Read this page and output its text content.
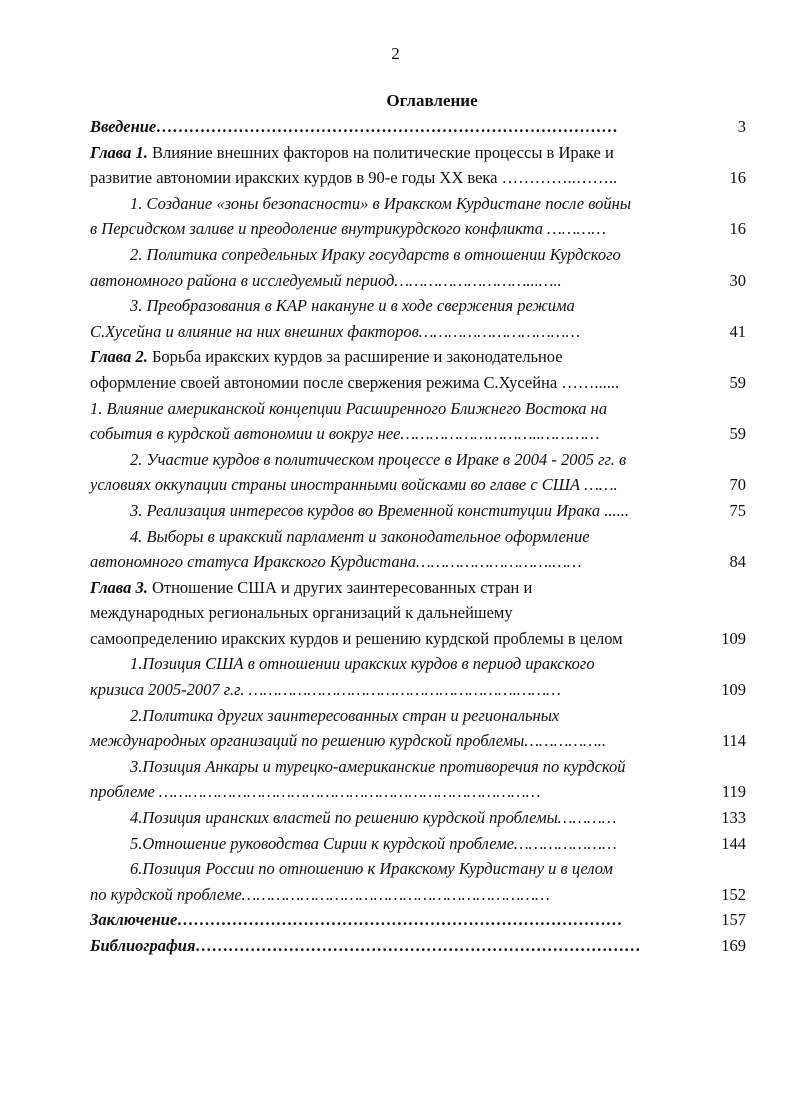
2
Оглавление
Введение…………………………………………………………………………	3
Глава 1. Влияние внешних факторов на политические процессы в Ираке и
развитие автономии иракских курдов в 90-е годы XX века …………..……..	16
1. Создание «зоны безопасности» в Иракском Курдистане после войны
в Персидском заливе и преодоление внутрикурдского конфликта …………	16
2. Политика сопредельных Ираку государств в отношении Курдского
автономного района в исследуемый период………………………...…..	30
3. Преобразования в КАР накануне и в ходе свержения режима
С.Хусейна и влияние на них внешних факторов……………………………	41
Глава 2. Борьба иракских курдов за расширение и законодательное
оформление своей автономии после свержения режима С.Хусейна ……......	59
1. Влияние американской концепции Расширенного Ближнего Востока на
события в курдской автономии и вокруг нее………………………..…………	59
2. Участие курдов в политическом процессе в Ираке в 2004 - 2005 гг. в
условиях оккупации страны иностранными войсками во главе с США …….	70
3. Реализация интересов курдов во Временной конституции Ирака ......	75
4. Выборы в иракский парламент и законодательное оформление
автономного статуса Иракского Курдистана……………………….……	84
Глава 3. Отношение США и других заинтересованных стран и
международных региональных организаций к дальнейшему
самоопределению иракских курдов и решению курдской проблемы в целом	109
1.Позиция США в отношении иракских курдов в период иракского
кризиса 2005-2007 г.г. ……………………………………………….………	109
2.Политика других заинтересованных стран и региональных
международных организаций по решению курдской проблемы……………..	114
3.Позиция Анкары и турецко-американские противоречия по курдской
проблеме ……………………………………………………………………	119
4.Позиция иранских властей по решению курдской проблемы…………	133
5.Отношение руководства Сирии к курдской проблеме…………………	144
6.Позиция России по отношению к Иракскому Курдистану и в целом
по курдской проблеме………………………………………………………	152
Заключение………………………………………………………………………	157
Библиография………………………………………………………………………	169
